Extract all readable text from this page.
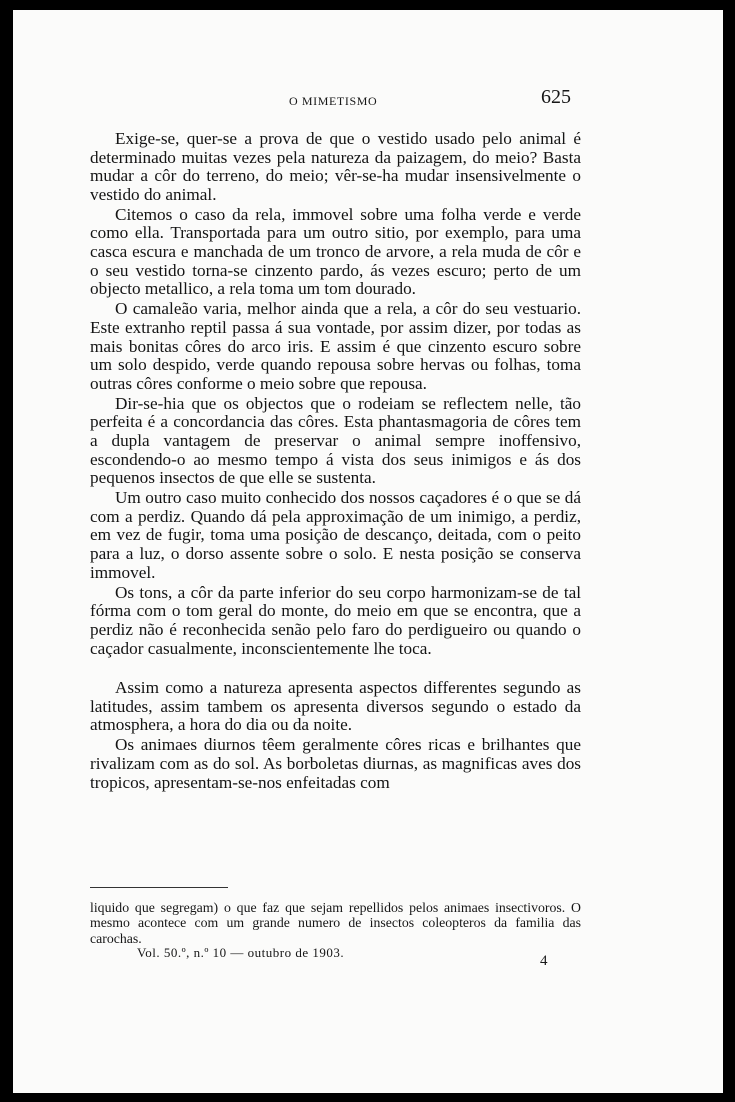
O MIMETISMO	625

Exige-se, quer-se a prova de que o vestido usado pelo animal é determinado muitas vezes pela natureza da paizagem, do meio? Basta mudar a côr do terreno, do meio; vêr-se-ha mudar insensivelmente o vestido do animal.

Citemos o caso da rela, immovel sobre uma folha verde e verde como ella. Transportada para um outro sitio, por exemplo, para uma casca escura e manchada de um tronco de arvore, a rela muda de côr e o seu vestido torna-se cinzento pardo, ás vezes escuro; perto de um objecto metallico, a rela toma um tom dourado.

O camaleão varia, melhor ainda que a rela, a côr do seu vestuario. Este extranho reptil passa á sua vontade, por assim dizer, por todas as mais bonitas côres do arco iris. E assim é que cinzento escuro sobre um solo despido, verde quando repousa sobre hervas ou folhas, toma outras côres conforme o meio sobre que repousa.

Dir-se-hia que os objectos que o rodeiam se reflectem nelle, tão perfeita é a concordancia das côres. Esta phantasmagoria de côres tem a dupla vantagem de preservar o animal sempre inoffensivo, escondendo-o ao mesmo tempo á vista dos seus inimigos e ás dos pequenos insectos de que elle se sustenta.

Um outro caso muito conhecido dos nossos caçadores é o que se dá com a perdiz. Quando dá pela approximação de um inimigo, a perdiz, em vez de fugir, toma uma posição de descanço, deitada, com o peito para a luz, o dorso assente sobre o solo. E nesta posição se conserva immovel.

Os tons, a côr da parte inferior do seu corpo harmonizam-se de tal fórma com o tom geral do monte, do meio em que se encontra, que a perdiz não é reconhecida senão pelo faro do perdigueiro ou quando o caçador casualmente, inconscientemente lhe toca.

Assim como a natureza apresenta aspectos differentes segundo as latitudes, assim tambem os apresenta diversos segundo o estado da atmosphera, a hora do dia ou da noite.

Os animaes diurnos têem geralmente côres ricas e brilhantes que rivalizam com as do sol. As borboletas diurnas, as magnificas aves dos tropicos, apresentam-se-nos enfeitadas com

liquido que segregam) o que faz que sejam repellidos pelos animaes insectivoros. O mesmo acontece com um grande numero de insectos coleopteros da familia das carochas.

Vol. 50.º, n.º 10 — outubro de 1903.
4
